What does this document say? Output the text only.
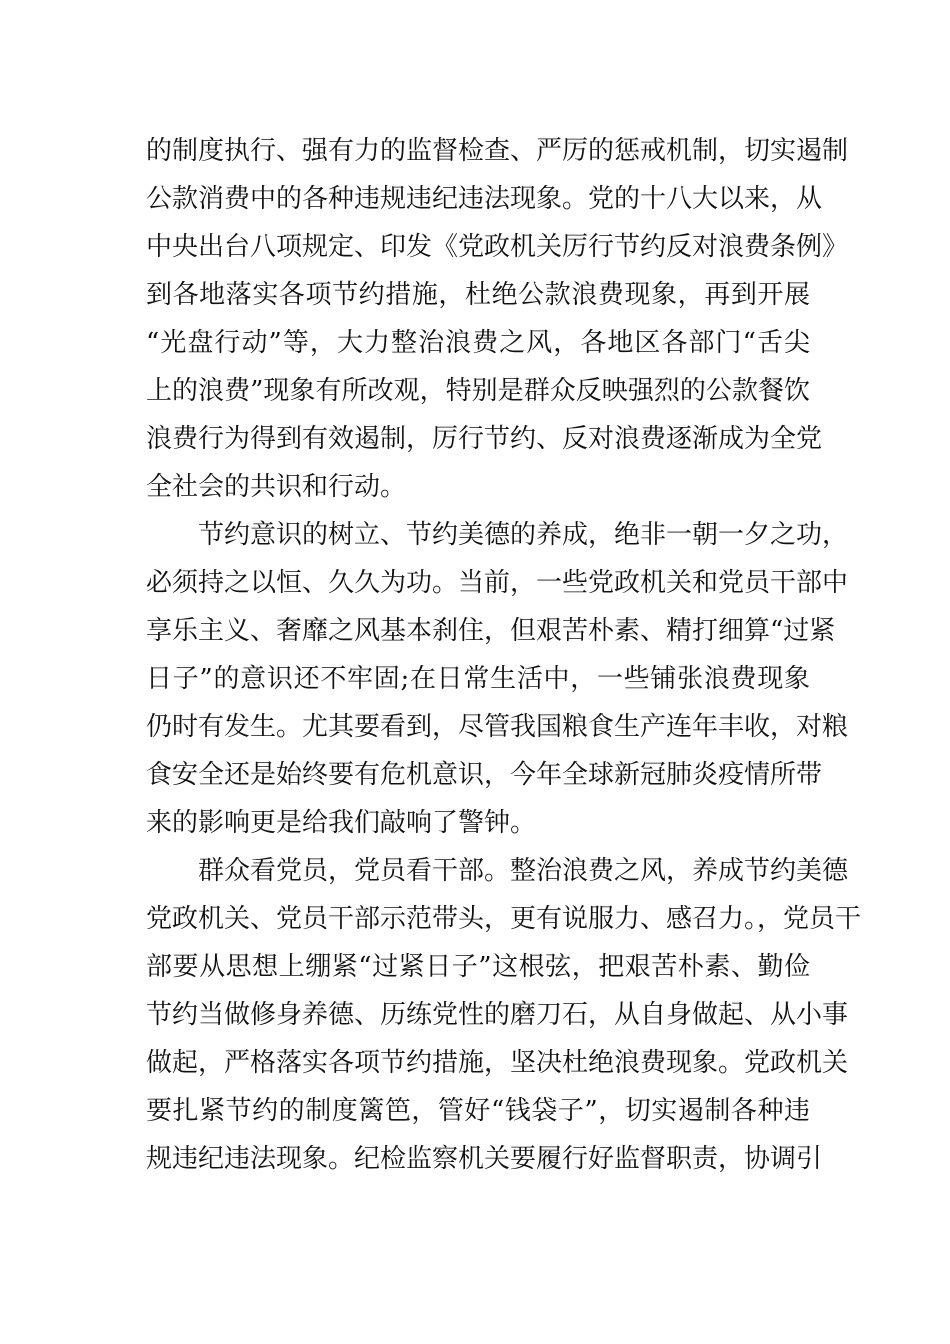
的制度执行、强有力的监督检查、严厉的惩戒机制，切实遏制
公款消费中的各种违规违纪违法现象。党的十八大以来，从
中央出台八项规定、印发《党政机关厉行节约反对浪费条例》
到各地落实各项节约措施，杜绝公款浪费现象，再到开展
“光盘行动”等，大力整治浪费之风，各地区各部门“舌尖
上的浪费”现象有所改观，特别是群众反映强烈的公款餐饮
浪费行为得到有效遏制，厉行节约、反对浪费逐渐成为全党
全社会的共识和行动。
节约意识的树立、节约美德的养成，绝非一朝一夕之功，
必须持之以恒、久久为功。当前，一些党政机关和党员干部中
享乐主义、奢靡之风基本刹住，但艰苦朴素、精打细算“过紧
日子”的意识还不牢固;在日常生活中，一些铺张浪费现象
仍时有发生。尤其要看到，尽管我国粮食生产连年丰收，对粮
食安全还是始终要有危机意识，今年全球新冠肺炎疫情所带
来的影响更是给我们敲响了警钟。
群众看党员，党员看干部。整治浪费之风，养成节约美德
党政机关、党员干部示范带头，更有说服力、感召力。，党员干
部要从思想上绷紧“过紧日子”这根弦，把艰苦朴素、勤俭
节约当做修身养德、历练党性的磨刀石，从自身做起、从小事
做起，严格落实各项节约措施，坚决杜绝浪费现象。党政机关
要扎紧节约的制度篱笆，管好“钱袋子”，切实遏制各种违
规违纪违法现象。纪检监察机关要履行好监督职责，协调引
